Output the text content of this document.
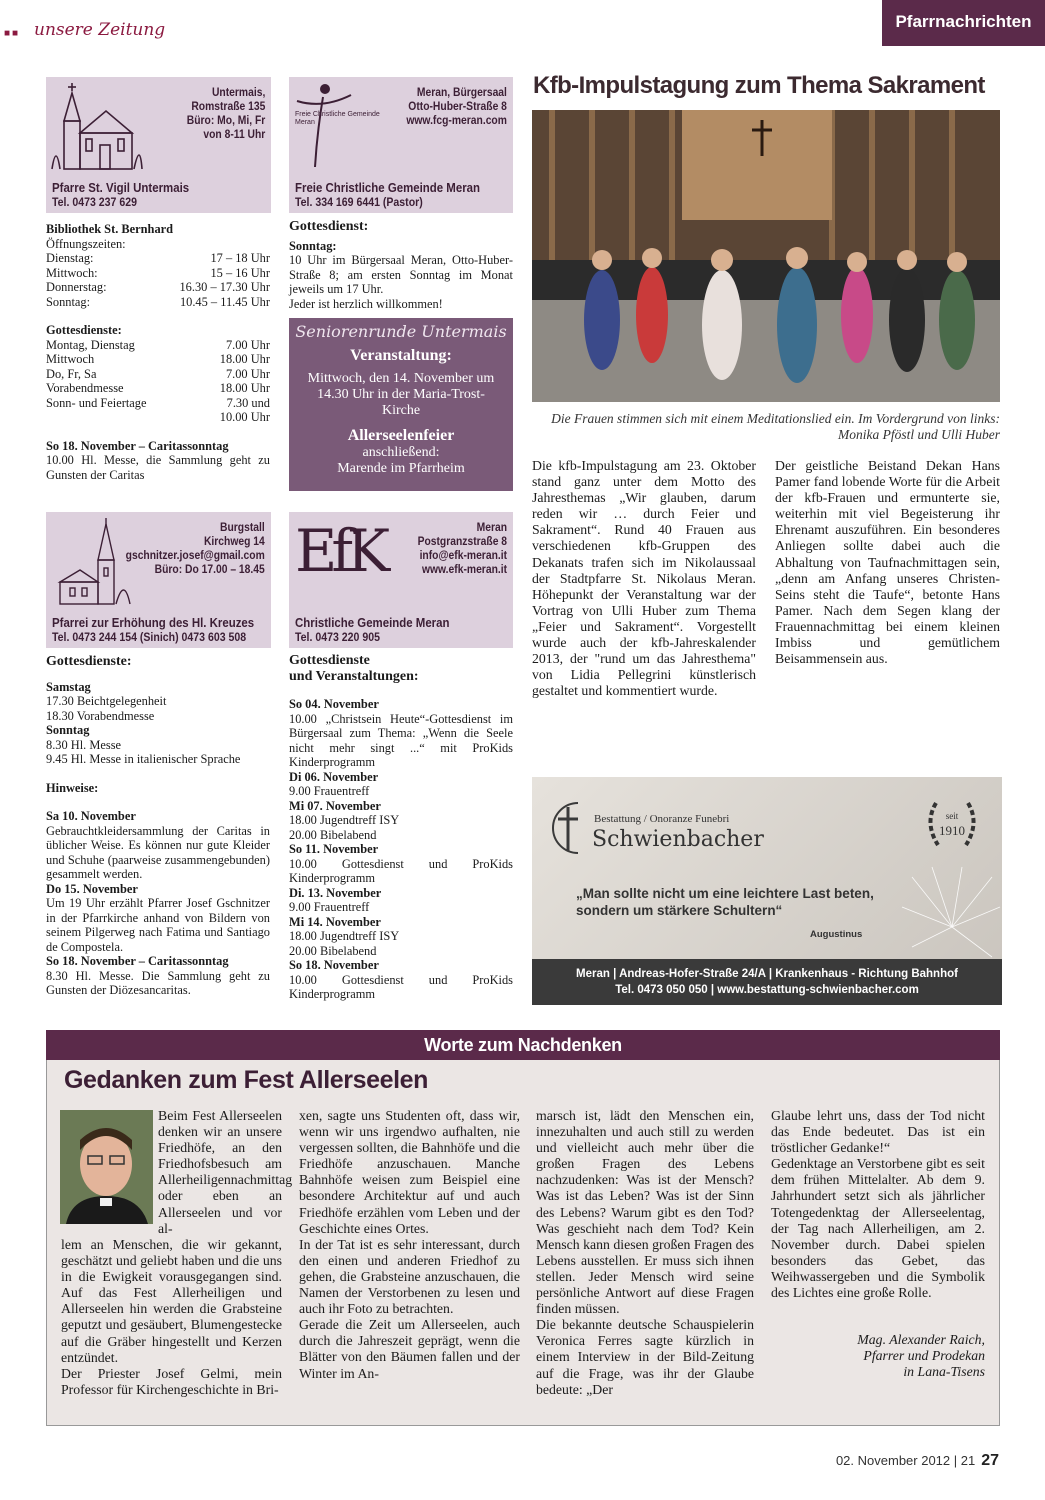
■■ unsere Zeitung	Pfarrnachrichten
Untermais,
Romstraße 135
Büro: Mo, Mi, Fr
von 8-11 Uhr
Pfarre St. Vigil Untermais
Tel. 0473 237 629
Bibliothek St. Bernhard
Öffnungszeiten:
Dienstag:	17 – 18 Uhr
Mittwoch:	15 – 16 Uhr
Donnerstag:	16.30 – 17.30 Uhr
Sonntag:	10.45 – 11.45 Uhr
Gottesdienste:
Montag, Dienstag	7.00 Uhr
Mittwoch	18.00 Uhr
Do, Fr, Sa	7.00 Uhr
Vorabendmesse	18.00 Uhr
Sonn- und Feiertage	7.30 und
10.00 Uhr
So 18. November – Caritassonntag
10.00 Hl. Messe, die Sammlung geht zu Gunsten der Caritas
Burgstall
Kirchweg 14
gschnitzer.josef@gmail.com
Büro: Do 17.00 – 18.45
Pfarrei zur Erhöhung des Hl. Kreuzes
Tel. 0473 244 154 (Sinich) 0473 603 508
Gottesdienste:
Samstag
17.30 Beichtgelegenheit
18.30 Vorabendmesse
Sonntag
8.30 Hl. Messe
9.45 Hl. Messe in italienischer Sprache
Hinweise:
Sa 10. November
Gebrauchtkleidersammlung der Caritas in üblicher Weise. Es können nur gute Kleider und Schuhe (paarweise zusammengebunden) gesammelt werden.
Do 15. November
Um 19 Uhr erzählt Pfarrer Josef Gschnitzer in der Pfarrkirche anhand von Bildern von seinem Pilgerweg nach Fatima und Santiago de Compostela.
So 18. November – Caritassonntag
8.30 Hl. Messe. Die Sammlung geht zu Gunsten der Diözesancaritas.
Freie Christliche Gemeinde Meran
Meran, Bürgersaal
Otto-Huber-Straße 8
www.fcg-meran.com
Freie Christliche Gemeinde Meran
Tel. 334 169 6441 (Pastor)
Gottesdienst:
Sonntag:
10 Uhr im Bürgersaal Meran, Otto-Huber-Straße 8; am ersten Sonntag im Monat jeweils um 17 Uhr.
Jeder ist herzlich willkommen!
Seniorenrunde Untermais
Veranstaltung:
Mittwoch, den 14. November um 14.30 Uhr in der Maria-Trost-Kirche
Allerseelenfeier
anschließend:
Marende im Pfarrheim
EfK	Meran
Postgranzstraße 8
info@efk-meran.it
www.efk-meran.it
Christliche Gemeinde Meran
Tel. 0473 220 905
Gottesdienste
und Veranstaltungen:
So 04. November
10.00 „Christsein Heute“-Gottesdienst im Bürgersaal zum Thema: „Wenn die Seele nicht mehr singt ...“ mit ProKids Kinderprogramm
Di 06. November
9.00 Frauentreff
Mi 07. November
18.00 Jugendtreff ISY
20.00 Bibelabend
So 11. November
10.00 Gottesdienst und ProKids Kinderprogramm
Di. 13. November
9.00 Frauentreff
Mi 14. November
18.00 Jugendtreff ISY
20.00 Bibelabend
So 18. November
10.00 Gottesdienst und ProKids Kinderprogramm
Kfb-Impulstagung zum Thema Sakrament
Die Frauen stimmen sich mit einem Meditationslied ein. Im Vordergrund von links: Monika Pföstl und Ulli Huber
Die kfb-Impulstagung am 23. Oktober stand ganz unter dem Motto des Jahresthemas „Wir glauben, darum reden wir … durch Feier und Sakrament“. Rund 40 Frauen aus verschiedenen kfb-Gruppen des Dekanats trafen sich im Nikolaussaal der Stadtpfarre St. Nikolaus Meran. Höhepunkt der Veranstaltung war der Vortrag von Ulli Huber zum Thema „Feier und Sakrament“. Vorgestellt wurde auch der kfb-Jahreskalender 2013, der "rund um das Jahresthema" von Lidia Pellegrini künstlerisch gestaltet und kommentiert wurde.
Der geistliche Beistand Dekan Hans Pamer fand lobende Worte für die Arbeit der kfb-Frauen und ermunterte sie, weiterhin mit viel Begeisterung ihr Ehrenamt auszuführen. Ein besonderes Anliegen sollte dabei auch die Abhaltung von Taufnachmittagen sein, „denn am Anfang unseres Christen-Seins steht die Taufe“, betonte Hans Pamer. Nach dem Segen klang der Frauennachmittag bei einem kleinen Imbiss und gemütlichem Beisammensein aus.
Bestattung / Onoranze Funebri
Schwienbacher
seit
1910
„Man sollte nicht um eine leichtere Last beten,
sondern um stärkere Schultern“
Augustinus
Meran | Andreas-Hofer-Straße 24/A | Krankenhaus - Richtung Bahnhof
Tel. 0473 050 050 | www.bestattung-schwienbacher.com
Worte zum Nachdenken
Gedanken zum Fest Allerseelen
Beim Fest Allerseelen denken wir an unsere Friedhöfe, an den Friedhofsbesuch am Allerheiligennachmittag oder eben an Allerseelen und vor al-
lem an Menschen, die wir gekannt, geschätzt und geliebt haben und die uns in die Ewigkeit vorausgegangen sind. Auf das Fest Allerheiligen und Allerseelen hin werden die Grabsteine geputzt und gesäubert, Blumengestecke auf die Gräber hingestellt und Kerzen entzündet.
Der Priester Josef Gelmi, mein Professor für Kirchengeschichte in Bri-
xen, sagte uns Studenten oft, dass wir, wenn wir uns irgendwo aufhalten, nie vergessen sollten, die Bahnhöfe und die Friedhöfe anzuschauen. Manche Bahnhöfe weisen zum Beispiel eine besondere Architektur auf und auch Friedhöfe erzählen vom Leben und der Geschichte eines Ortes.
In der Tat ist es sehr interessant, durch den einen und anderen Friedhof zu gehen, die Grabsteine anzuschauen, die Namen der Verstorbenen zu lesen und auch ihr Foto zu betrachten.
Gerade die Zeit um Allerseelen, auch durch die Jahreszeit geprägt, wenn die Blätter von den Bäumen fallen und der Winter im An-
marsch ist, lädt den Menschen ein, innezuhalten und auch still zu werden und vielleicht auch mehr über die großen Fragen des Lebens nachzudenken: Was ist der Mensch? Was ist das Leben? Was ist der Sinn des Lebens? Warum gibt es den Tod? Was geschieht nach dem Tod? Kein Mensch kann diesen großen Fragen des Lebens ausstellen. Er muss sich ihnen stellen. Jeder Mensch wird seine persönliche Antwort auf diese Fragen finden müssen.
Die bekannte deutsche Schauspielerin Veronica Ferres sagte kürzlich in einem Interview in der Bild-Zeitung auf die Frage, was ihr der Glaube bedeute: „Der
Glaube lehrt uns, dass der Tod nicht das Ende bedeutet. Das ist ein tröstlicher Gedanke!“
Gedenktage an Verstorbene gibt es seit dem frühen Mittelalter. Ab dem 9. Jahrhundert setzt sich als jährlicher Totengedenktag der Allerseelentag, der Tag nach Allerheiligen, am 2. November durch. Dabei spielen besonders das Gebet, das Weihwassergeben und die Symbolik des Lichtes eine große Rolle.
Mag. Alexander Raich,
Pfarrer und Prodekan
in Lana-Tisens
02. November 2012 | 21 27
